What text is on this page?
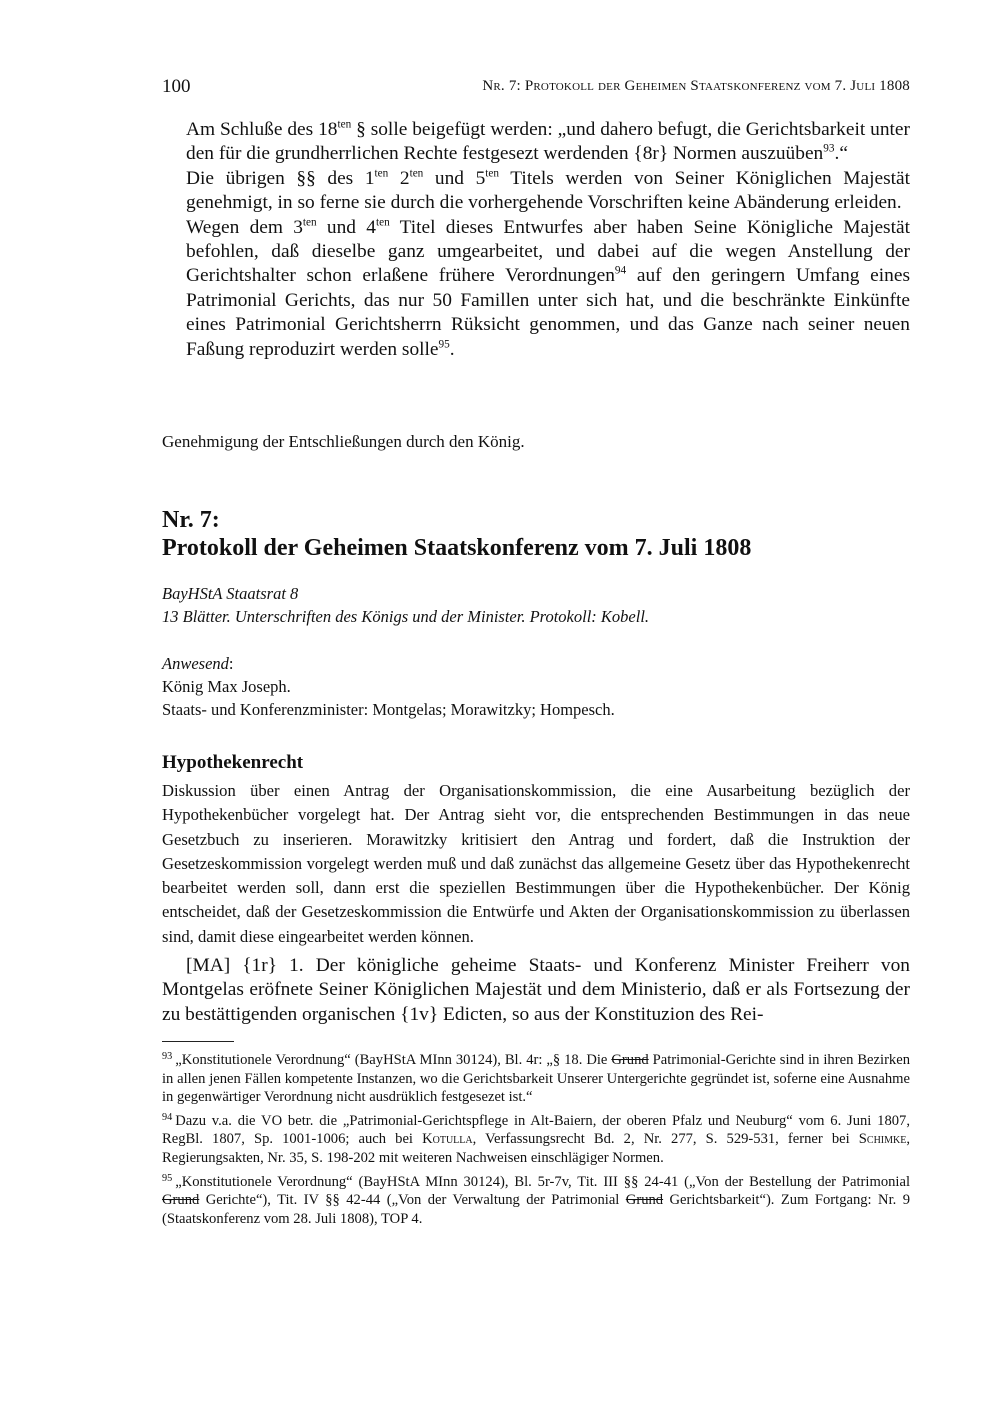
100	Nr. 7: Protokoll der Geheimen Staatskonferenz vom 7. Juli 1808

Am Schluße des $18^{ten}$ § solle beigefügt werden: „und dahero befugt, die Gerichtsbarkeit unter den für die grundherrlichen Rechte festgesezt werdenden {8r} Normen auszuüben$^{93}$.“

Die übrigen §§ des $1^{ten}$ $2^{ten}$ und $5^{ten}$ Titels werden von Seiner Königlichen Majestät genehmigt, in so ferne sie durch die vorhergehende Vorschriften keine Abänderung erleiden.

Wegen dem $3^{ten}$ und $4^{ten}$ Titel dieses Entwurfes aber haben Seine Königliche Majestät befohlen, daß dieselbe ganz umgearbeitet, und dabei auf die wegen Anstellung der Gerichtshalter schon erlaßene frühere Verordnungen$^{94}$ auf den geringern Umfang eines Patrimonial Gerichts, das nur 50 Famillen unter sich hat, und die beschränkte Einkünfte eines Patrimonial Gerichtsherrn Rüksicht genommen, und das Ganze nach seiner neuen Faßung reproduzirt werden solle$^{95}$.

Genehmigung der Entschließungen durch den König.
Nr. 7:
Protokoll der Geheimen Staatskonferenz vom 7. Juli 1808
BayHStA Staatsrat 8
13 Blätter. Unterschriften des Königs und der Minister. Protokoll: Kobell.
Anwesend:
König Max Joseph.
Staats- und Konferenzminister: Montgelas; Morawitzky; Hompesch.
Hypothekenrecht

Diskussion über einen Antrag der Organisationskommission, die eine Ausarbeitung bezüglich der Hypothekenbücher vorgelegt hat. Der Antrag sieht vor, die entsprechenden Bestimmungen in das neue Gesetzbuch zu inserieren. Morawitzky kritisiert den Antrag und fordert, daß die Instruktion der Gesetzeskommission vorgelegt werden muß und daß zunächst das allgemeine Gesetz über das Hypothekenrecht bearbeitet werden soll, dann erst die speziellen Bestimmungen über die Hypothekenbücher. Der König entscheidet, daß der Gesetzeskommission die Entwürfe und Akten der Organisationskommission zu überlassen sind, damit diese eingearbeitet werden können.

[MA] {1r} 1. Der königliche geheime Staats- und Konferenz Minister Freiherr von Montgelas eröfnete Seiner Königlichen Majestät und dem Ministerio, daß er als Fortsezung der zu bestättigenden organischen {1v} Edicten, so aus der Konstituzion des Rei-

$^{93}$ „Konstitutionele Verordnung“ (BayHStA MInn 30124), Bl. 4r: „§ 18. Die Grund Patrimonial-Gerichte sind in ihren Bezirken in allen jenen Fällen kompetente Instanzen, wo die Gerichtsbarkeit Unserer Untergerichte gegründet ist, soferne eine Ausnahme in gegenwärtiger Verordnung nicht ausdrüklich festgesezet ist.“

$^{94}$ Dazu v.a. die VO betr. die „Patrimonial-Gerichtspflege in Alt-Baiern, der oberen Pfalz und Neuburg“ vom 6. Juni 1807, RegBl. 1807, Sp. 1001-1006; auch bei Kotulla, Verfassungsrecht Bd. 2, Nr. 277, S. 529-531, ferner bei Schimke, Regierungsakten, Nr. 35, S. 198-202 mit weiteren Nachweisen einschlägiger Normen.

$^{95}$ „Konstitutionele Verordnung“ (BayHStA MInn 30124), Bl. 5r-7v, Tit. III §§ 24-41 („Von der Bestellung der Patrimonial Grund Gerichte“), Tit. IV §§ 42-44 („Von der Verwaltung der Patrimonial Grund Gerichtsbarkeit“). Zum Fortgang: Nr. 9 (Staatskonferenz vom 28. Juli 1808), TOP 4.
